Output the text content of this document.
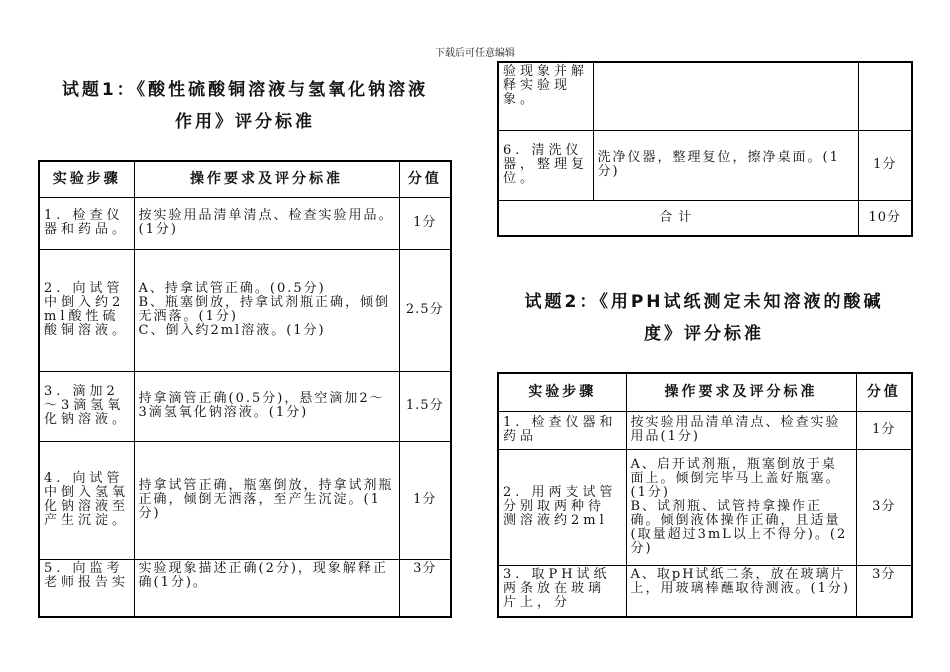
下载后可任意编辑
试题1：《酸性硫酸铜溶液与氢氧化钠溶液
作用》评分标准
实验步骤	操作要求及评分标准	分值
1. 检查仪器和药品。	按实验用品清单清点、检查实验用品。(1分)	1分
2. 向试管中倒入约2ml酸性硫酸铜溶液。	A、持拿试管正确。(0.5分)
B、瓶塞倒放，持拿试剂瓶正确，倾倒无洒落。(1分)
C、倒入约2ml溶液。(1分)	2.5分
3. 滴加2～3滴氢氧化钠溶液。	持拿滴管正确(0.5分)，悬空滴加2～3滴氢氧化钠溶液。(1分)	1.5分
4. 向试管中倒入氢氧化钠溶液至产生沉淀。	持拿试管正确，瓶塞倒放，持拿试剂瓶正确，倾倒无洒落，至产生沉淀。(1分)	1分
5. 向监考老师报告实	实验现象描述正确(2分)，现象解释正确(1分)。	3分
验现象并解释实验现象。		
6. 清洗仪器，整理复位。	洗净仪器，整理复位，擦净桌面。(1分)	1分
合计		10分
试题2：《用PH试纸测定未知溶液的酸碱
度》评分标准
实验步骤	操作要求及评分标准	分值
1. 检查仪器和药品	按实验用品清单清点、检查实验用品(1分)	1分
2. 用两支试管分别取两种待测溶液约2ml	A、启开试剂瓶，瓶塞倒放于桌面上。倾倒完毕马上盖好瓶塞。(1分)
B、试剂瓶、试管持拿操作正确。倾倒液体操作正确，且适量(取量超过3mL以上不得分)。(2分)	3分
3. 取PH试纸两条放在玻璃片上，分	A、取pH试纸二条，放在玻璃片上，用玻璃棒蘸取待测液。(1分)	3分
